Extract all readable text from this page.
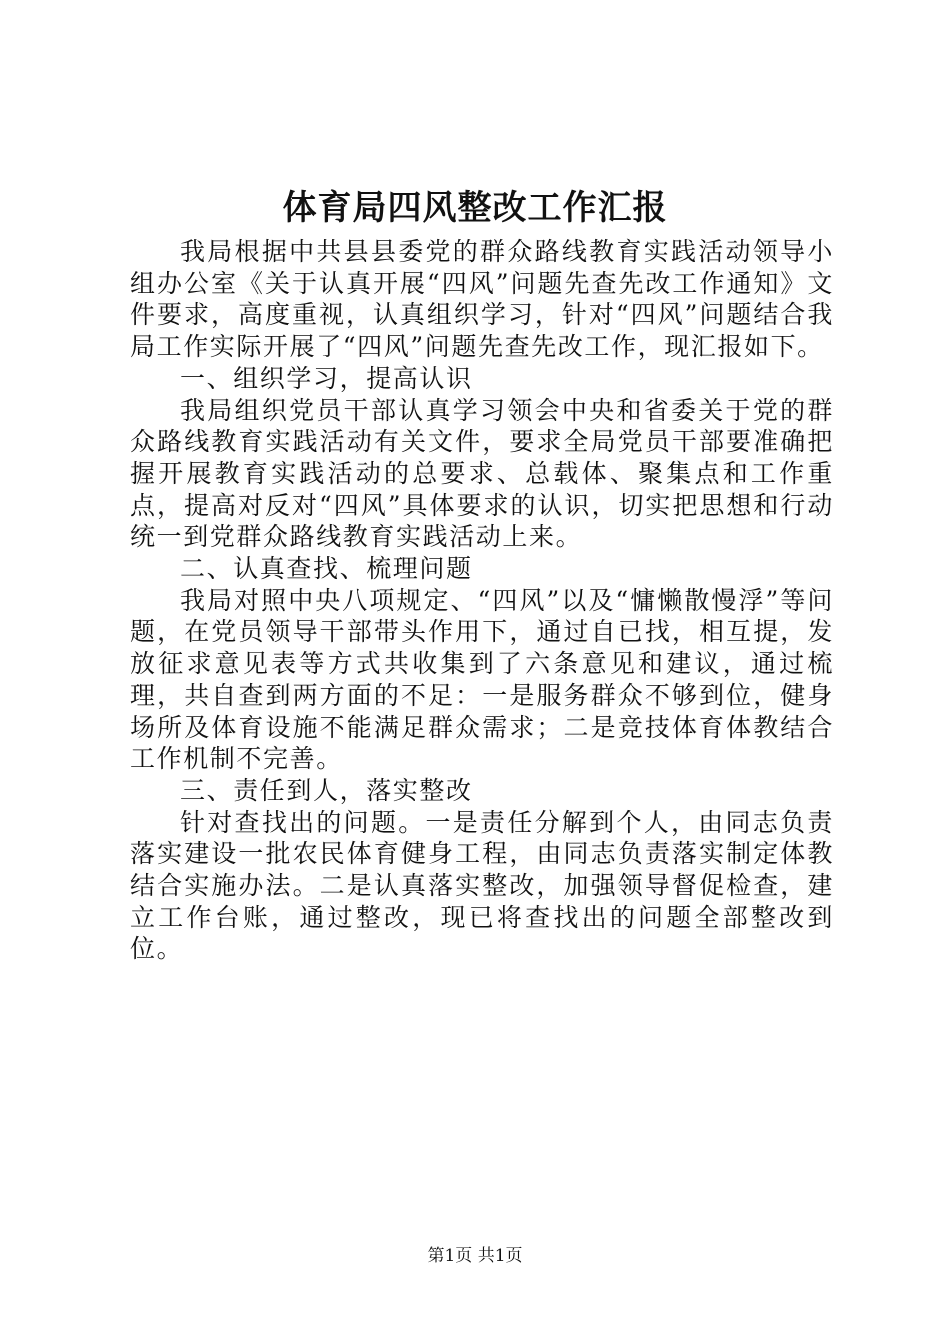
体育局四风整改工作汇报

我局根据中共县县委党的群众路线教育实践活动领导小组办公室《关于认真开展“四风”问题先查先改工作通知》文件要求，高度重视，认真组织学习，针对“四风”问题结合我局工作实际开展了“四风”问题先查先改工作，现汇报如下。

一、组织学习，提高认识

我局组织党员干部认真学习领会中央和省委关于党的群众路线教育实践活动有关文件，要求全局党员干部要准确把握开展教育实践活动的总要求、总载体、聚集点和工作重点，提高对反对“四风”具体要求的认识，切实把思想和行动统一到党群众路线教育实践活动上来。

二、认真查找、梳理问题

我局对照中央八项规定、“四风”以及“慵懒散慢浮”等问题，在党员领导干部带头作用下，通过自已找，相互提，发放征求意见表等方式共收集到了六条意见和建议，通过梳理，共自查到两方面的不足：一是服务群众不够到位，健身场所及体育设施不能满足群众需求；二是竞技体育体教结合工作机制不完善。

三、责任到人，落实整改

针对查找出的问题。一是责任分解到个人，由同志负责落实建设一批农民体育健身工程，由同志负责落实制定体教结合实施办法。二是认真落实整改，加强领导督促检查，建立工作台账，通过整改，现已将查找出的问题全部整改到位。

第1页 共1页
